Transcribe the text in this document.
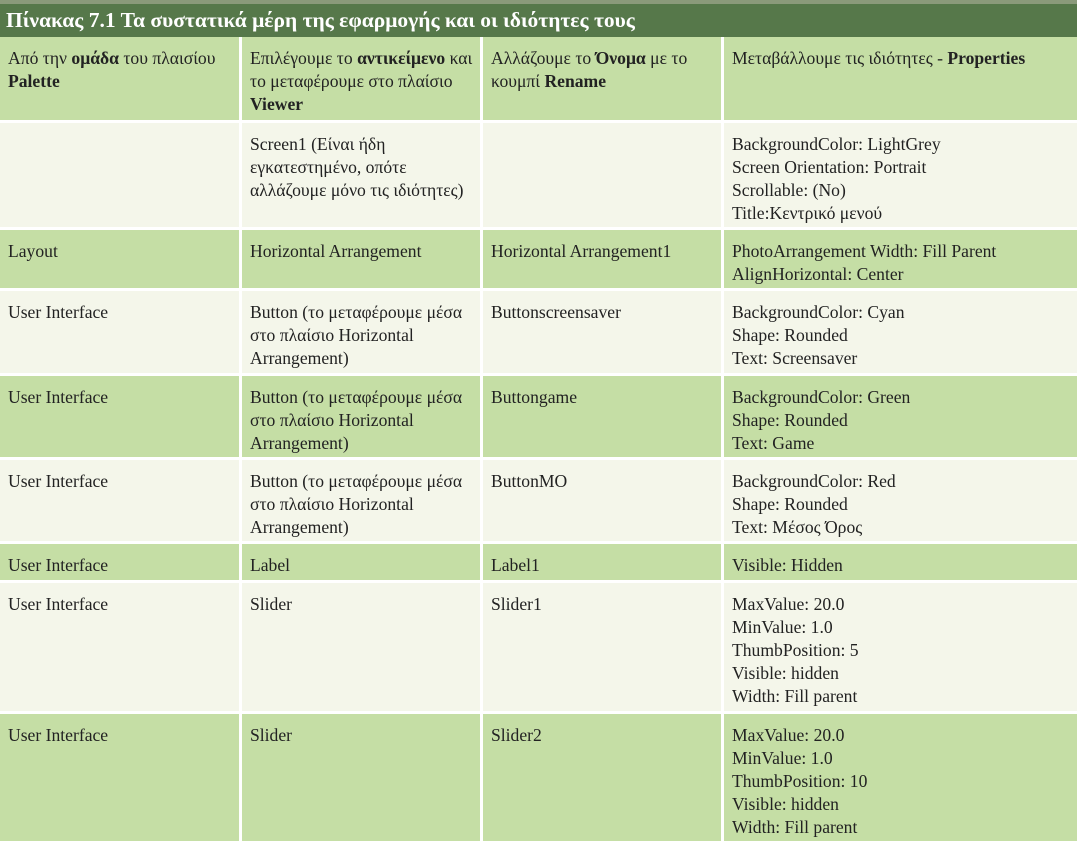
Πίνακας 7.1 Τα συστατικά μέρη της εφαρμογής και οι ιδιότητες τους
Από την ομάδα του πλαισίου Palette	Επιλέγουμε το αντικείμενο και το μεταφέρουμε στο πλαίσιο Viewer	Αλλάζουμε το Όνομα με το κουμπί Rename	Μεταβάλλουμε τις ιδιότητες - Properties
	Screen1 (Είναι ήδη εγκατεστημένο, οπότε αλλάζουμε μόνο τις ιδιότητες)		BackgroundColor: LightGrey
Screen Orientation: Portrait
Scrollable: (No)
Title:Κεντρικό μενού

Layout	Horizontal Arrangement	Horizontal Arrangement1	PhotoArrangement Width: Fill Parent
AlignHorizontal: Center

User Interface	Button (το μεταφέρουμε μέσα στο πλαίσιο Horizontal Arrangement)	Buttonscreensaver	BackgroundColor: Cyan
Shape: Rounded
Text: Screensaver

User Interface	Button (το μεταφέρουμε μέσα στο πλαίσιο Horizontal Arrangement)	Buttongame	BackgroundColor: Green
Shape: Rounded
Text: Game

User Interface	Button (το μεταφέρουμε μέσα στο πλαίσιο Horizontal Arrangement)	ButtonMO	BackgroundColor: Red
Shape: Rounded
Text: Μέσος Όρος

User Interface	Label	Label1	Visible: Hidden

User Interface	Slider	Slider1	MaxValue: 20.0
MinValue: 1.0
ThumbPosition: 5
Visible: hidden
Width: Fill parent

User Interface	Slider	Slider2	MaxValue: 20.0
MinValue: 1.0
ThumbPosition: 10
Visible: hidden
Width: Fill parent
